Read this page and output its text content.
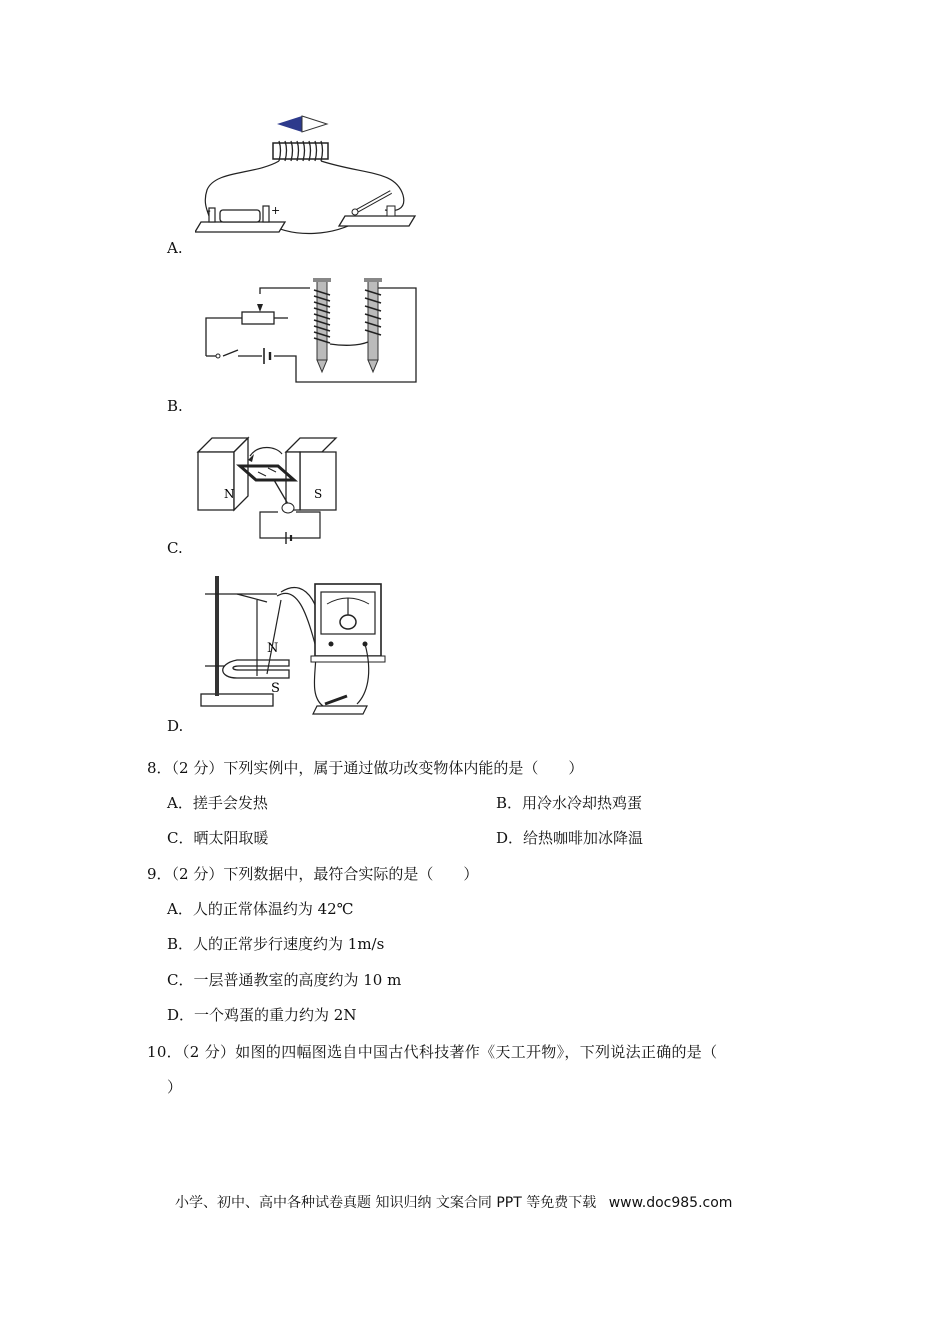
-	+
A.
B.
N	S
C.
N
S
D.
8．（2 分）下列实例中，属于通过做功改变物体内能的是（　　）
A．搓手会发热	B．用冷水冷却热鸡蛋
C．晒太阳取暖	D．给热咖啡加冰降温
9．（2 分）下列数据中，最符合实际的是（　　）
A．人的正常体温约为 42℃
B．人的正常步行速度约为 1m/s
C．一层普通教室的高度约为 10 m
D．一个鸡蛋的重力约为 2N
10．（2 分）如图的四幅图选自中国古代科技著作《天工开物》，下列说法正确的是（
）
小学、初中、高中各种试卷真题 知识归纳 文案合同 PPT 等免费下载 www.doc985.com
